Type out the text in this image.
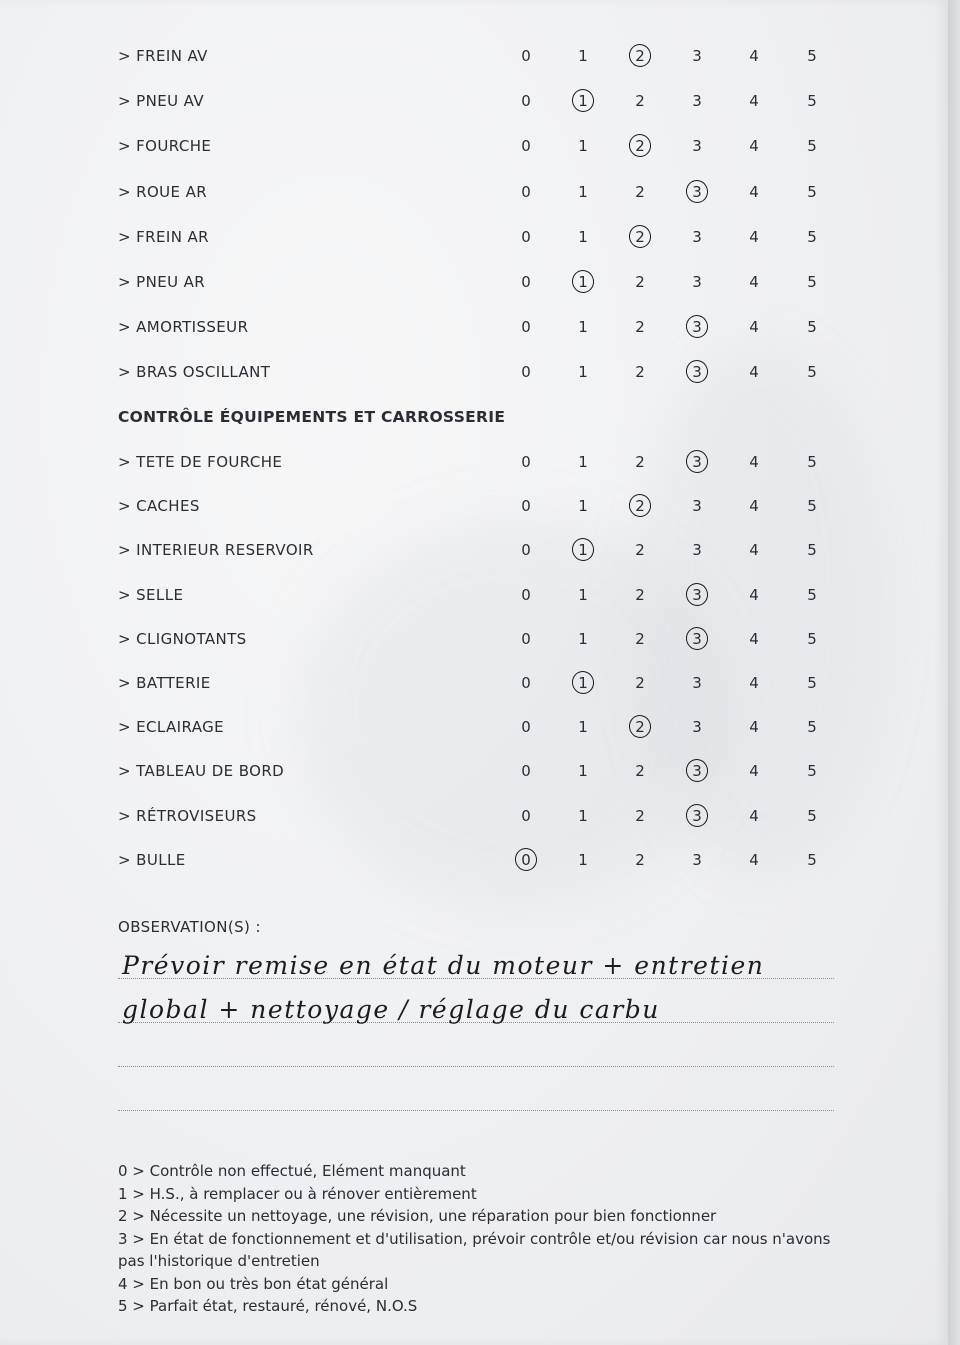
> FREIN AV	0	1	2	3	4	5
> PNEU AV	0	1	2	3	4	5
> FOURCHE	0	1	2	3	4	5
> ROUE AR	0	1	2	3	4	5
> FREIN AR	0	1	2	3	4	5
> PNEU AR	0	1	2	3	4	5
> AMORTISSEUR	0	1	2	3	4	5
> BRAS OSCILLANT	0	1	2	3	4	5
CONTRÔLE ÉQUIPEMENTS ET CARROSSERIE
> TETE DE FOURCHE	0	1	2	3	4	5
> CACHES	0	1	2	3	4	5
> INTERIEUR RESERVOIR	0	1	2	3	4	5
> SELLE	0	1	2	3	4	5
> CLIGNOTANTS	0	1	2	3	4	5
> BATTERIE	0	1	2	3	4	5
> ECLAIRAGE	0	1	2	3	4	5
> TABLEAU DE BORD	0	1	2	3	4	5
> RÉTROVISEURS	0	1	2	3	4	5
> BULLE	0	1	2	3	4	5
OBSERVATION(S) :
Prévoir remise en état du moteur + entretien
global + nettoyage / réglage du carbu
0 > Contrôle non effectué, Elément manquant
1 > H.S., à remplacer ou à rénover entièrement
2 > Nécessite un nettoyage, une révision, une réparation pour bien fonctionner
3 > En état de fonctionnement et d'utilisation, prévoir contrôle et/ou révision car nous n'avons pas l'historique d'entretien
4 > En bon ou très bon état général
5 > Parfait état, restauré, rénové, N.O.S
